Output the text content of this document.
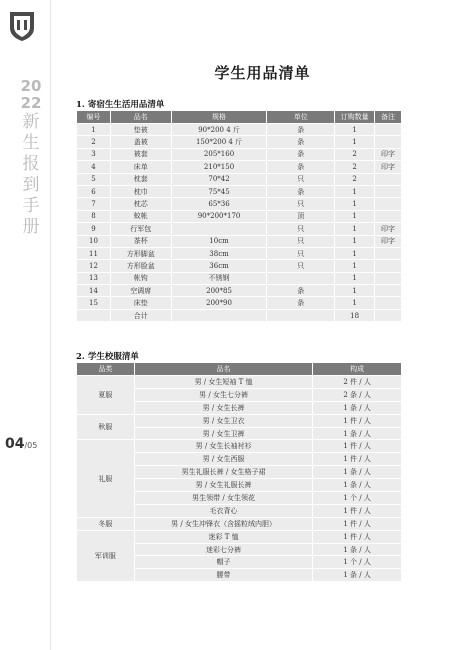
2022
新生报到手册
04/05
学生用品清单
1. 寄宿生生活用品清单
编号	品名	规格	单位	订购数量	备注
1	垫被	90*200 4 斤	条	1	
2	盖被	150*200 4 斤	条	1	
3	被套	205*160	条	2	印字
4	床单	210*150	条	2	印字
5	枕套	70*42	只	2	
6	枕巾	75*45	条	1	
7	枕芯	65*36	只	1	
8	蚊帐	90*200*170	顶	1	
9	行军包		只	1	印字
10	茶杯	10cm	只	1	印字
11	方形脚盆	38cm	只	1	
12	方形脸盆	36cm	只	1	
13	帐钩	不锈钢		1	
14	空调席	200*85	条	1	
15	床垫	200*90	条	1	
	合计			18	
2. 学生校服清单
品类	品名	构成
夏服	男 / 女生短袖 T 恤	2 件 / 人
	男 / 女生七分裤	2 条 / 人
	男 / 女生长裤	1 条 / 人
秋服	男 / 女生卫衣	1 件 / 人
	男 / 女生卫裤	1 条 / 人
礼服	男 / 女生长袖衬衫	1 件 / 人
	男 / 女生西服	1 件 / 人
	男生礼服长裤 / 女生格子裙	1 条 / 人
	男 / 女生礼服长裤	1 条 / 人
	男生领带 / 女生领花	1 个 / 人
	毛衣背心	1 件 / 人
冬服	男 / 女生冲锋衣（含摇粒绒内胆）	1 件 / 人
军训服	迷彩 T 恤	1 件 / 人
	迷彩七分裤	1 条 / 人
	帽子	1 个 / 人
	腰带	1 条 / 人
